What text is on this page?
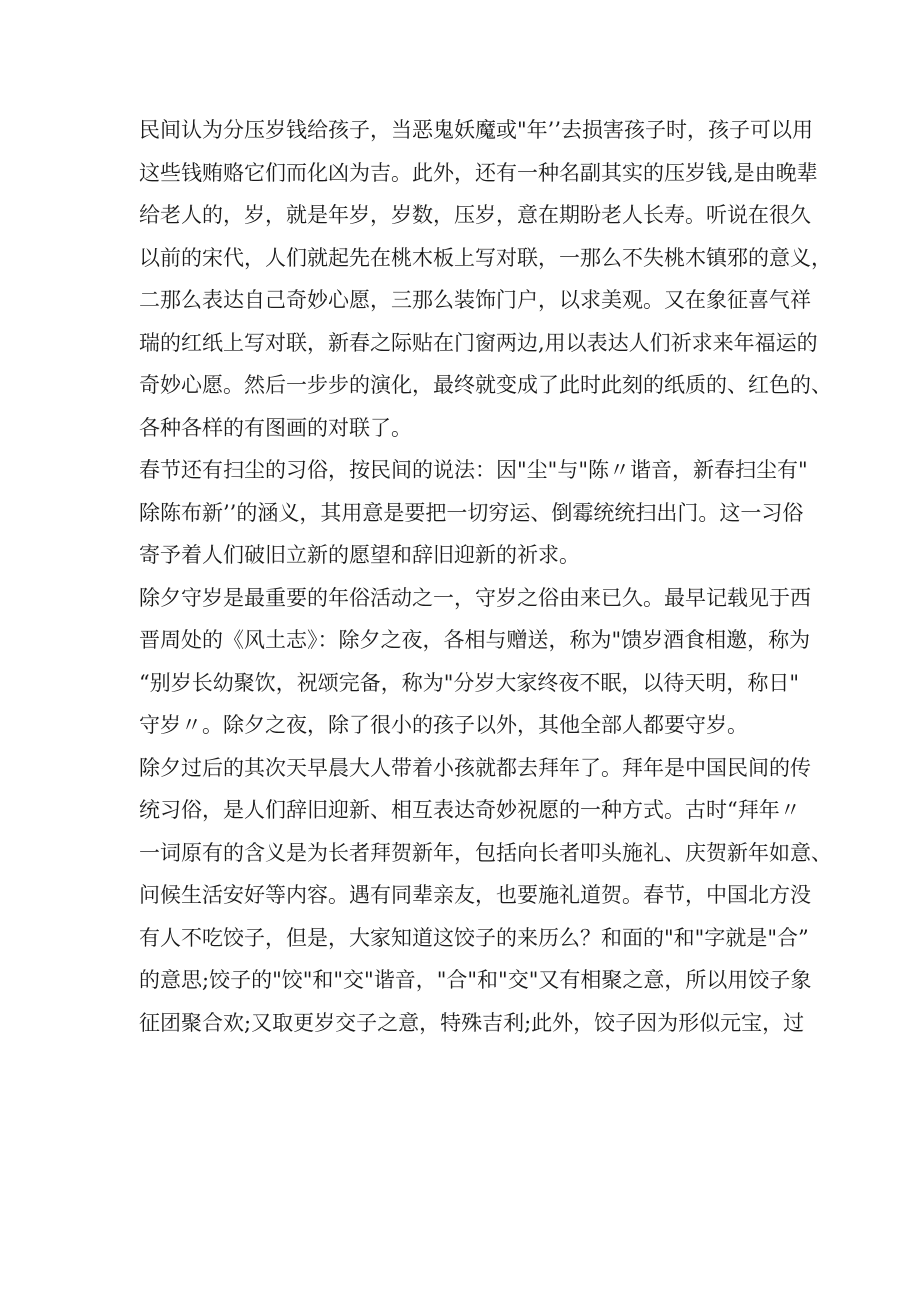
民间认为分压岁钱给孩子，当恶鬼妖魔或"年’’去损害孩子时，孩子可以用
这些钱贿赂它们而化凶为吉。此外，还有一种名副其实的压岁钱,是由晚辈
给老人的，岁，就是年岁，岁数，压岁，意在期盼老人长寿。听说在很久
以前的宋代，人们就起先在桃木板上写对联，一那么不失桃木镇邪的意义，
二那么表达自己奇妙心愿，三那么装饰门户，以求美观。又在象征喜气祥
瑞的红纸上写对联，新春之际贴在门窗两边,用以表达人们祈求来年福运的
奇妙心愿。然后一步步的演化，最终就变成了此时此刻的纸质的、红色的、
各种各样的有图画的对联了。
春节还有扫尘的习俗，按民间的说法：因"尘"与"陈〃谐音，新春扫尘有"
除陈布新’’的涵义，其用意是要把一切穷运、倒霉统统扫出门。这一习俗
寄予着人们破旧立新的愿望和辞旧迎新的祈求。
除夕守岁是最重要的年俗活动之一，守岁之俗由来已久。最早记载见于西
晋周处的《风土志》：除夕之夜，各相与赠送，称为"馈岁酒食相邀，称为
“别岁长幼聚饮，祝颂完备，称为"分岁大家终夜不眠，以待天明，称日"
守岁〃。除夕之夜，除了很小的孩子以外，其他全部人都要守岁。
除夕过后的其次天早晨大人带着小孩就都去拜年了。拜年是中国民间的传
统习俗，是人们辞旧迎新、相互表达奇妙祝愿的一种方式。古时“拜年〃
一词原有的含义是为长者拜贺新年，包括向长者叩头施礼、庆贺新年如意、
问候生活安好等内容。遇有同辈亲友，也要施礼道贺。春节，中国北方没
有人不吃饺子，但是，大家知道这饺子的来历么？和面的"和"字就是"合”
的意思;饺子的"饺"和"交"谐音，"合"和"交"又有相聚之意，所以用饺子象
征团聚合欢;又取更岁交子之意，特殊吉利;此外，饺子因为形似元宝，过
